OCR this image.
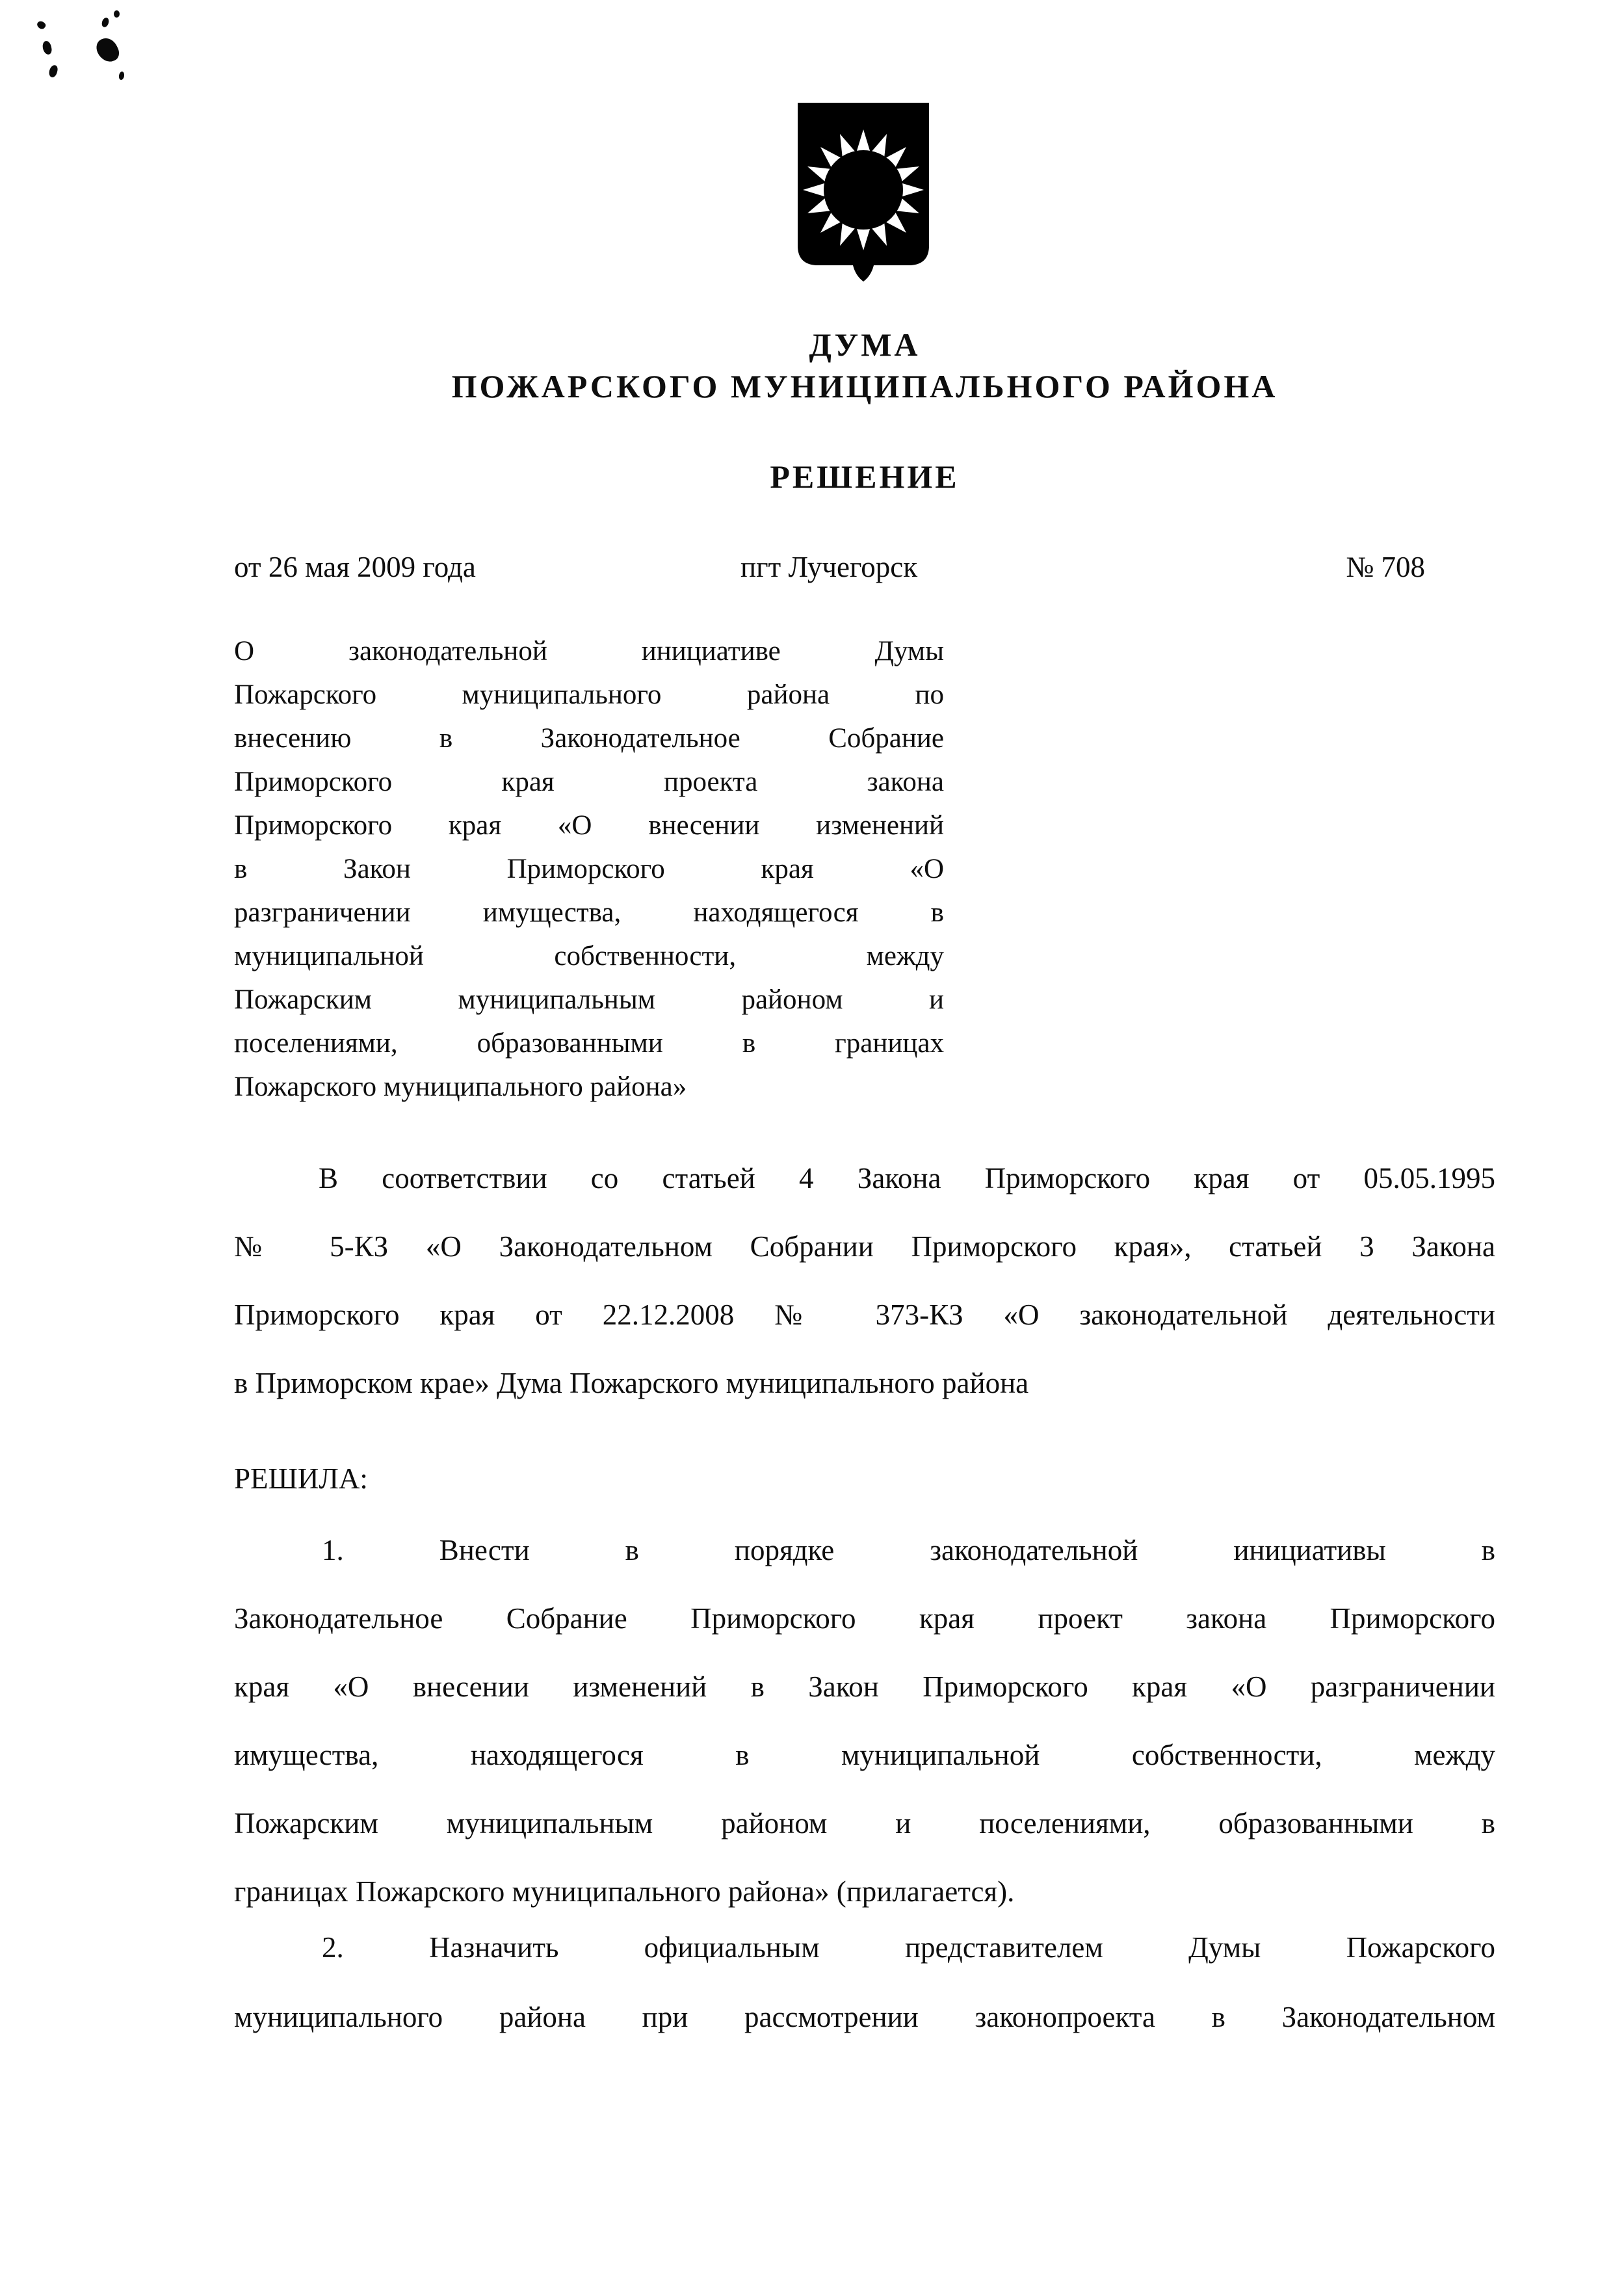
ДУМА
ПОЖАРСКОГО МУНИЦИПАЛЬНОГО РАЙОНА
РЕШЕНИЕ
от 26 мая 2009 года	пгт Лучегорск	№ 708
О законодательной инициативе Думы
Пожарского муниципального района по
внесению в Законодательное Собрание
Приморского края проекта закона
Приморского края «О внесении изменений
в Закон Приморского края «О
разграничении имущества, находящегося в
муниципальной собственности, между
Пожарским муниципальным районом и
поселениями, образованными в границах
Пожарского муниципального района»
В соответствии со статьей 4 Закона Приморского края от 05.05.1995
№ 5-КЗ «О Законодательном Собрании Приморского края», статьей 3 Закона
Приморского края от 22.12.2008 № 373-КЗ «О законодательной деятельности
в Приморском крае» Дума Пожарского муниципального района
РЕШИЛА:
1. Внести в порядке законодательной инициативы в
Законодательное Собрание Приморского края проект закона Приморского
края «О внесении изменений в Закон Приморского края «О разграничении
имущества, находящегося в муниципальной собственности, между
Пожарским муниципальным районом и поселениями, образованными в
границах Пожарского муниципального района» (прилагается).
2. Назначить официальным представителем Думы Пожарского
муниципального района при рассмотрении законопроекта в Законодательном
